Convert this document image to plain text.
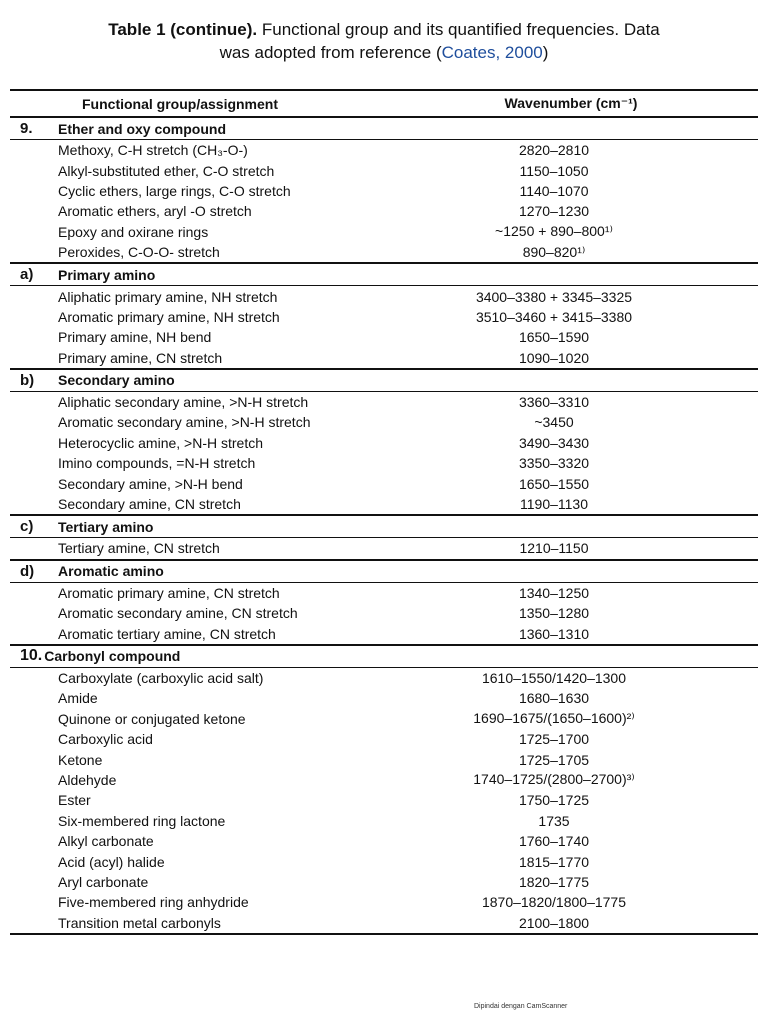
Table 1 (continue). Functional group and its quantified frequencies. Data
was adopted from reference (Coates, 2000)
Functional group/assignment	Wavenumber (cm⁻¹)
9.	Ether and oxy compound
Methoxy, C-H stretch (CH₃-O-)	2820–2810
Alkyl-substituted ether, C-O stretch	1150–1050
Cyclic ethers, large rings, C-O stretch	1140–1070
Aromatic ethers, aryl -O stretch	1270–1230
Epoxy and oxirane rings	~1250 + 890–800¹⁾
Peroxides, C-O-O- stretch	890–820¹⁾
a)	Primary amino
Aliphatic primary amine, NH stretch	3400–3380 + 3345–3325
Aromatic primary amine, NH stretch	3510–3460 + 3415–3380
Primary amine, NH bend	1650–1590
Primary amine, CN stretch	1090–1020
b)	Secondary amino
Aliphatic secondary amine, >N-H stretch	3360–3310
Aromatic secondary amine, >N-H stretch	~3450
Heterocyclic amine, >N-H stretch	3490–3430
Imino compounds, =N-H stretch	3350–3320
Secondary amine, >N-H bend	1650–1550
Secondary amine, CN stretch	1190–1130
c)	Tertiary amino
Tertiary amine, CN stretch	1210–1150
d)	Aromatic amino
Aromatic primary amine, CN stretch	1340–1250
Aromatic secondary amine, CN stretch	1350–1280
Aromatic tertiary amine, CN stretch	1360–1310
10. Carbonyl compound
Carboxylate (carboxylic acid salt)	1610–1550/1420–1300
Amide	1680–1630
Quinone or conjugated ketone	1690–1675/(1650–1600)²⁾
Carboxylic acid	1725–1700
Ketone	1725–1705
Aldehyde	1740–1725/(2800–2700)³⁾
Ester	1750–1725
Six-membered ring lactone	1735
Alkyl carbonate	1760–1740
Acid (acyl) halide	1815–1770
Aryl carbonate	1820–1775
Five-membered ring anhydride	1870–1820/1800–1775
Transition metal carbonyls	2100–1800
Dipindai dengan CamScanner
